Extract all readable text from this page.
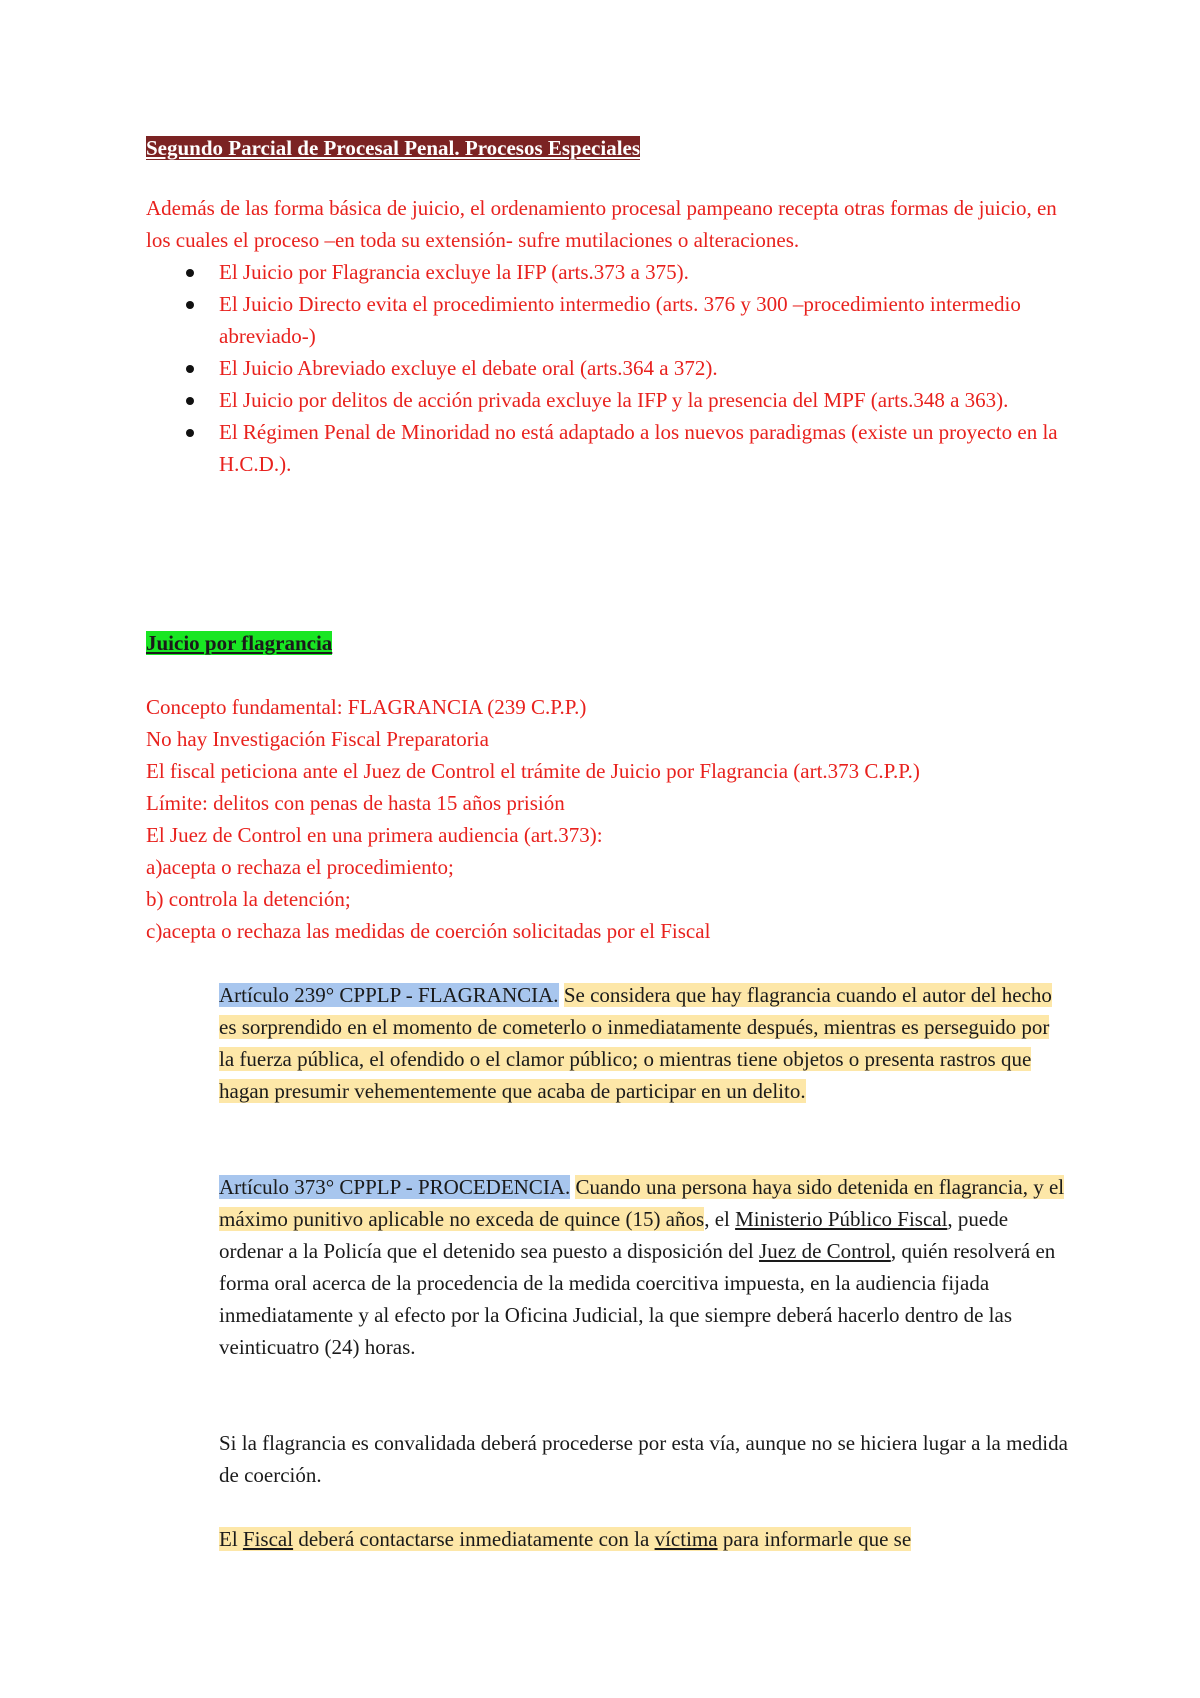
Segundo Parcial de Procesal Penal. Procesos Especiales

Además de las forma básica de juicio, el ordenamiento procesal pampeano recepta otras formas de juicio, en los cuales el proceso –en toda su extensión- sufre mutilaciones o alteraciones.

El Juicio por Flagrancia excluye la IFP (arts.373 a 375).
El Juicio Directo evita el procedimiento intermedio (arts. 376 y 300 –procedimiento intermedio abreviado-)
El Juicio Abreviado excluye el debate oral (arts.364 a 372).
El Juicio por delitos de acción privada excluye la IFP y la presencia del MPF (arts.348 a 363).
El Régimen Penal de Minoridad no está adaptado a los nuevos paradigmas (existe un proyecto en la H.C.D.).
Juicio por flagrancia

Concepto fundamental: FLAGRANCIA (239 C.P.P.)

No hay Investigación Fiscal Preparatoria

El fiscal peticiona ante el Juez de Control el trámite de Juicio por Flagrancia (art.373 C.P.P.)

Límite: delitos con penas de hasta 15 años prisión

El Juez de Control en una primera audiencia (art.373):

a)acepta o rechaza el procedimiento;

b) controla la detención;

c)acepta o rechaza las medidas de coerción solicitadas por el Fiscal

Artículo 239° CPPLP - FLAGRANCIA. Se considera que hay flagrancia cuando el autor del hecho es sorprendido en el momento de cometerlo o inmediatamente después, mientras es perseguido por la fuerza pública, el ofendido o el clamor público; o mientras tiene objetos o presenta rastros que hagan presumir vehementemente que acaba de participar en un delito.

Artículo 373° CPPLP - PROCEDENCIA. Cuando una persona haya sido detenida en flagrancia, y el máximo punitivo aplicable no exceda de quince (15) años, el Ministerio Público Fiscal, puede ordenar a la Policía que el detenido sea puesto a disposición del Juez de Control, quién resolverá en forma oral acerca de la procedencia de la medida coercitiva impuesta, en la audiencia fijada inmediatamente y al efecto por la Oficina Judicial, la que siempre deberá hacerlo dentro de las veinticuatro (24) horas.

Si la flagrancia es convalidada deberá procederse por esta vía, aunque no se hiciera lugar a la medida de coerción.

El Fiscal deberá contactarse inmediatamente con la víctima para informarle que se
